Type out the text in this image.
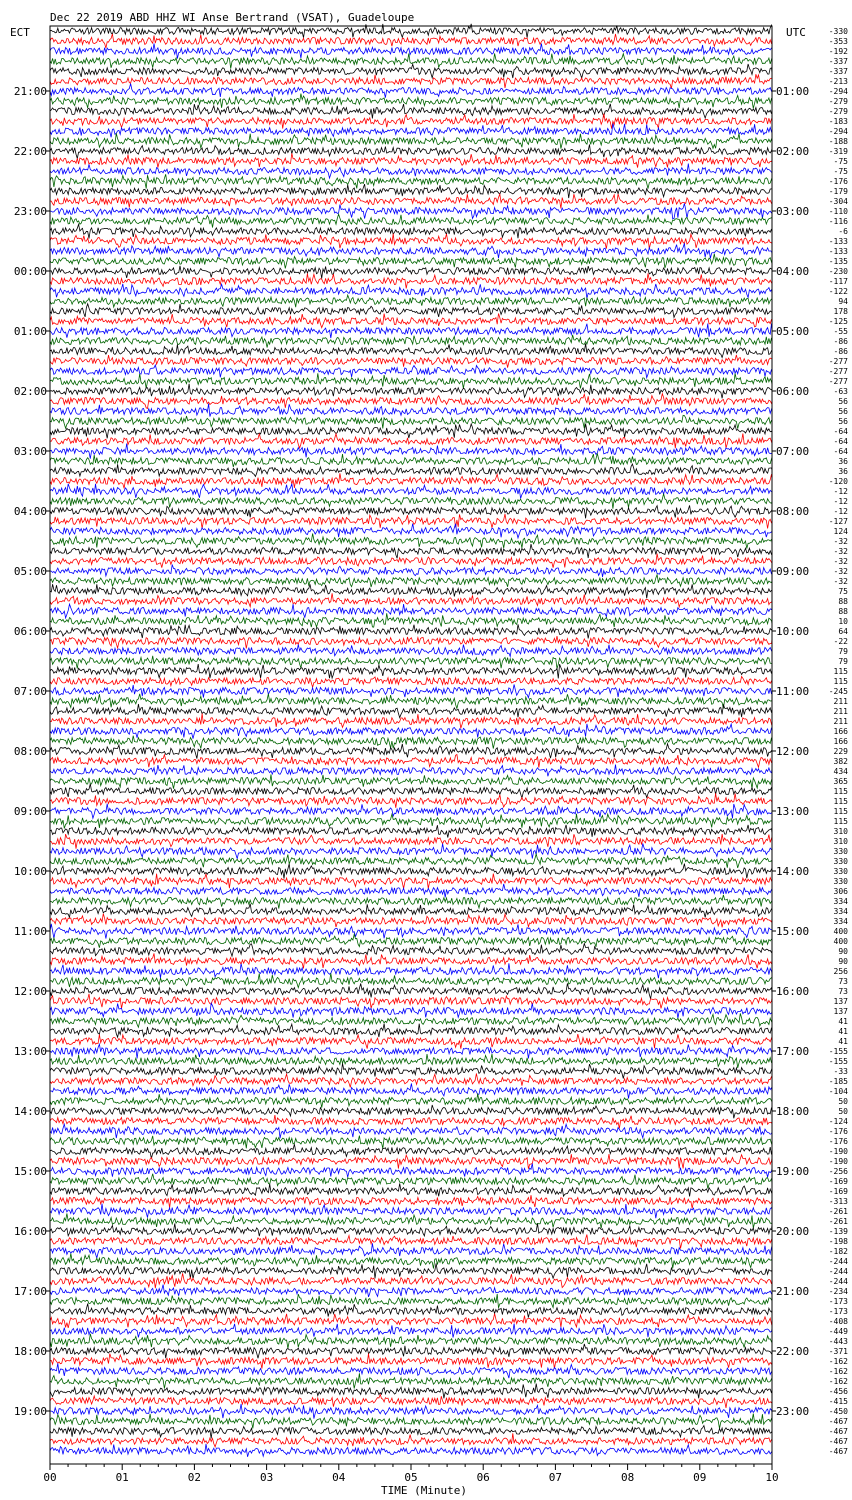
Dec 22 2019 ABD HHZ WI Anse Bertrand (VSAT), Guadeloupe
ECT	UTC
21:00
22:00
23:00
00:00
01:00
02:00
03:00
04:00
05:00
06:00
07:00
08:00
09:00
10:00
11:00
12:00
13:00
14:00
15:00
16:00
17:00
18:00
19:00
01:00
02:00
03:00
04:00
05:00
06:00
07:00
08:00
09:00
10:00
11:00
12:00
13:00
14:00
15:00
16:00
17:00
18:00
19:00
20:00
21:00
22:00
23:00
-330
-353
-192
-337
-337
-213
-294
-279
-279
-183
-294
-188
-319
-75
-75
-176
-179
-304
-110
-116
-6
-133
-133
-135
-230
-117
-122
94
178
-125
-55
-86
-86
-277
-277
-277
-63
56
56
56
-64
-64
-64
36
36
-120
-12
-12
-12
-127
124
-32
-32
-32
-32
-32
75
88
88
10
64
-22
79
79
115
115
-245
211
211
211
166
166
229
382
434
365
115
115
115
115
310
310
330
330
330
330
306
334
334
334
400
400
90
90
256
73
73
137
137
41
41
41
-155
-155
-33
-185
-104
50
50
-124
-176
-176
-190
-190
-256
-169
-169
-313
-261
-261
-139
-198
-182
-244
-244
-244
-234
-173
-173
-408
-449
-443
-371
-162
-162
-162
-456
-415
-450
-467
-467
-467
-467
00	01	02	03	04	05	06	07	08	09	10
TIME (Minute)
